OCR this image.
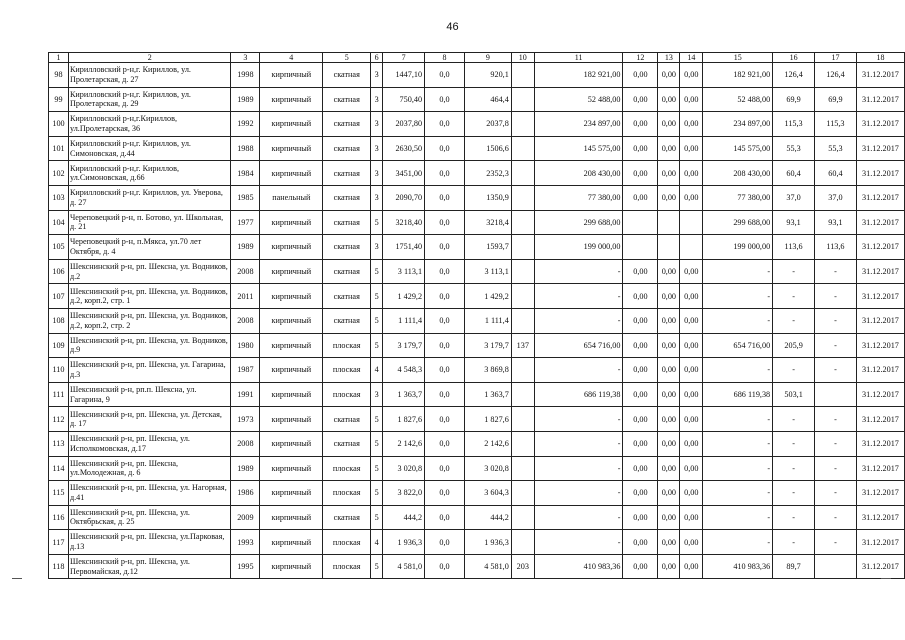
46
1	2	3	4	5	6	7	8	9	10	11	12	13	14	15	16	17	18
98	Кирилловский р-н,г. Кириллов, ул. Пролетарская, д. 27	1998	кирпичный	скатная	3	1447,10	0,0	920,1		182 921,00	0,00	0,00	0,00	182 921,00	126,4	126,4	31.12.2017
99	Кирилловский р-н,г. Кириллов, ул. Пролетарская, д. 29	1989	кирпичный	скатная	3	750,40	0,0	464,4		52 488,00	0,00	0,00	0,00	52 488,00	69,9	69,9	31.12.2017
100	Кирилловский р-н,г.Кириллов, ул.Пролетарская, 36	1992	кирпичный	скатная	3	2037,80	0,0	2037,8		234 897,00	0,00	0,00	0,00	234 897,00	115,3	115,3	31.12.2017
101	Кирилловский р-н,г. Кириллов, ул. Симоновская, д.44	1988	кирпичный	скатная	3	2630,50	0,0	1506,6		145 575,00	0,00	0,00	0,00	145 575,00	55,3	55,3	31.12.2017
102	Кирилловский р-н,г. Кириллов, ул.Симоновская, д.66	1984	кирпичный	скатная	3	3451,00	0,0	2352,3		208 430,00	0,00	0,00	0,00	208 430,00	60,4	60,4	31.12.2017
103	Кирилловский р-н,г. Кириллов, ул. Уверова, д. 27	1985	панельный	скатная	3	2090,70	0,0	1350,9		77 380,00	0,00	0,00	0,00	77 380,00	37,0	37,0	31.12.2017
104	Череповецкий р-н, п. Ботово, ул. Школьная, д. 21	1977	кирпичный	скатная	5	3218,40	0,0	3218,4		299 688,00				299 688,00	93,1	93,1	31.12.2017
105	Череповецкий р-н, п.Мякса, ул.70 лет Октября, д. 4	1989	кирпичный	скатная	3	1751,40	0,0	1593,7		199 000,00				199 000,00	113,6	113,6	31.12.2017
106	Шекснинский р-н, рп. Шексна, ул. Водников, д.2	2008	кирпичный	скатная	5	3 113,1	0,0	3 113,1		-	0,00	0,00	0,00	-	-	-	31.12.2017
107	Шекснинский р-н, рп. Шексна, ул. Водников, д.2, корп.2, стр. 1	2011	кирпичный	скатная	5	1 429,2	0,0	1 429,2		-	0,00	0,00	0,00	-	-	-	31.12.2017
108	Шекснинский р-н, рп. Шексна, ул. Водников, д.2, корп.2, стр. 2	2008	кирпичный	скатная	5	1 111,4	0,0	1 111,4		-	0,00	0,00	0,00	-	-	-	31.12.2017
109	Шекснинский р-н, рп. Шексна, ул. Водников, д.9	1980	кирпичный	плоская	5	3 179,7	0,0	3 179,7	137	654 716,00	0,00	0,00	0,00	654 716,00	205,9	-	31.12.2017
110	Шекснинский р-н, рп. Шексна, ул. Гагарина, д.3	1987	кирпичный	плоская	4	4 548,3	0,0	3 869,8		-	0,00	0,00	0,00	-	-	-	31.12.2017
111	Шекснинский р-н, рп.п. Шексна, ул. Гагарина, 9	1991	кирпичный	плоская	3	1 363,7	0,0	1 363,7		686 119,38	0,00	0,00	0,00	686 119,38	503,1		31.12.2017
112	Шекснинский р-н, рп. Шексна, ул. Детская, д. 17	1973	кирпичный	скатная	5	1 827,6	0,0	1 827,6		-	0,00	0,00	0,00	-	-	-	31.12.2017
113	Шекснинский р-н, рп. Шексна, ул. Исполкомовская, д.17	2008	кирпичный	скатная	5	2 142,6	0,0	2 142,6		-	0,00	0,00	0,00	-	-	-	31.12.2017
114	Шекснинский р-н, рп. Шексна, ул.Молодежная, д. 6	1989	кирпичный	плоская	5	3 020,8	0,0	3 020,8		-	0,00	0,00	0,00	-	-	-	31.12.2017
115	Шекснинский р-н, рп. Шексна, ул. Нагорная, д.41	1986	кирпичный	плоская	5	3 822,0	0,0	3 604,3		-	0,00	0,00	0,00	-	-	-	31.12.2017
116	Шекснинский р-н, рп. Шексна, ул. Октябрьская, д. 25	2009	кирпичный	скатная	5	444,2	0,0	444,2		-	0,00	0,00	0,00	-	-	-	31.12.2017
117	Шекснинский р-н, рп. Шексна, ул.Парковая, д.13	1993	кирпичный	плоская	4	1 936,3	0,0	1 936,3		-	0,00	0,00	0,00	-	-	-	31.12.2017
118	Шекснинский р-н, рп. Шексна, ул. Первомайская, д.12	1995	кирпичный	плоская	5	4 581,0	0,0	4 581,0	203	410 983,36	0,00	0,00	0,00	410 983,36	89,7		31.12.2017
